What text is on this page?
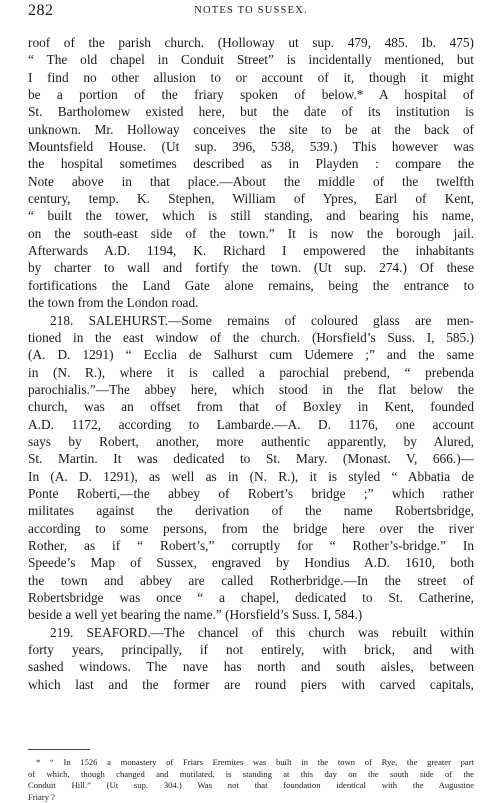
282	NOTES TO SUSSEX.
roof of the parish church. (Holloway ut sup. 479, 485. Ib. 475)
“ The old chapel in Conduit Street” is incidentally mentioned, but
I find no other allusion to or account of it, though it might
be a portion of the friary spoken of below.* A hospital of
St. Bartholomew existed here, but the date of its institution is
unknown. Mr. Holloway conceives the site to be at the back of
Mountsfield House. (Ut sup. 396, 538, 539.) This however was
the hospital sometimes described as in Playden : compare the
Note above in that place.—About the middle of the twelfth
century, temp. K. Stephen, William of Ypres, Earl of Kent,
“ built the tower, which is still standing, and bearing his name,
on the south-east side of the town.” It is now the borough jail.
Afterwards A.D. 1194, K. Richard I empowered the inhabitants
by charter to wall and fortify the town. (Ut sup. 274.) Of these
fortifications the Land Gate alone remains, being the entrance to
the town from the London road.
218. SALEHURST.—Some remains of coloured glass are men-
tioned in the east window of the church. (Horsfield’s Suss. I, 585.)
(A. D. 1291) “ Ecclia de Salhurst cum Udemere ;” and the same
in (N. R.), where it is called a parochial prebend, “ prebenda
parochialis.”—The abbey here, which stood in the flat below the
church, was an offset from that of Boxley in Kent, founded
A.D. 1172, according to Lambarde.—A. D. 1176, one account
says by Robert, another, more authentic apparently, by Alured,
St. Martin. It was dedicated to St. Mary. (Monast. V, 666.)—
In (A. D. 1291), as well as in (N. R.), it is styled “ Abbatia de
Ponte Roberti,—the abbey of Robert’s bridge ;” which rather
militates against the derivation of the name Robertsbridge,
according to some persons, from the bridge here over the river
Rother, as if “ Robert’s,” corruptly for “ Rother’s-bridge.” In
Speede’s Map of Sussex, engraved by Hondius A.D. 1610, both
the town and abbey are called Rotherbridge.—In the street of
Robertsbridge was once “ a chapel, dedicated to St. Catherine,
beside a well yet bearing the name.” (Horsfield’s Suss. I, 584.)
219. SEAFORD.—The chancel of this church was rebuilt within
forty years, principally, if not entirely, with brick, and with
sashed windows. The nave has north and south aisles, between
which last and the former are round piers with carved capitals,
* “ In 1526 a monastery of Friars Eremites was built in the town of Rye, the greater part
of which, though changed and mutilated, is standing at this day on the south side of the
Conduit Hill.” (Ut sup. 304.) Was not that foundation identical with the Augustine
Friary ?
